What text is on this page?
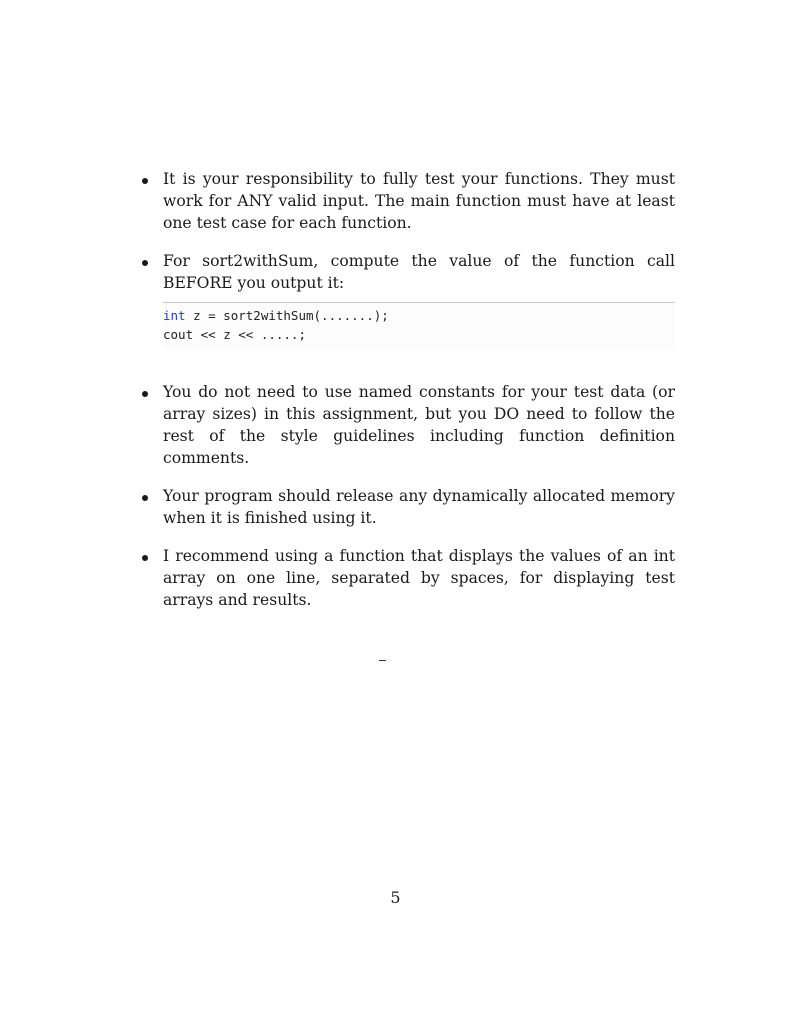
It is your responsibility to fully test your functions. They must work for ANY valid input. The main function must have at least one test case for each function.

For sort2withSum, compute the value of the function call BEFORE you output it:

int z = sort2withSum(.......);
cout << z << .....;

You do not need to use named constants for your test data (or array sizes) in this assignment, but you DO need to follow the rest of the style guidelines including function definition comments.

Your program should release any dynamically allocated memory when it is finished using it.

I recommend using a function that displays the values of an int array on one line, separated by spaces, for displaying test arrays and results.

5
